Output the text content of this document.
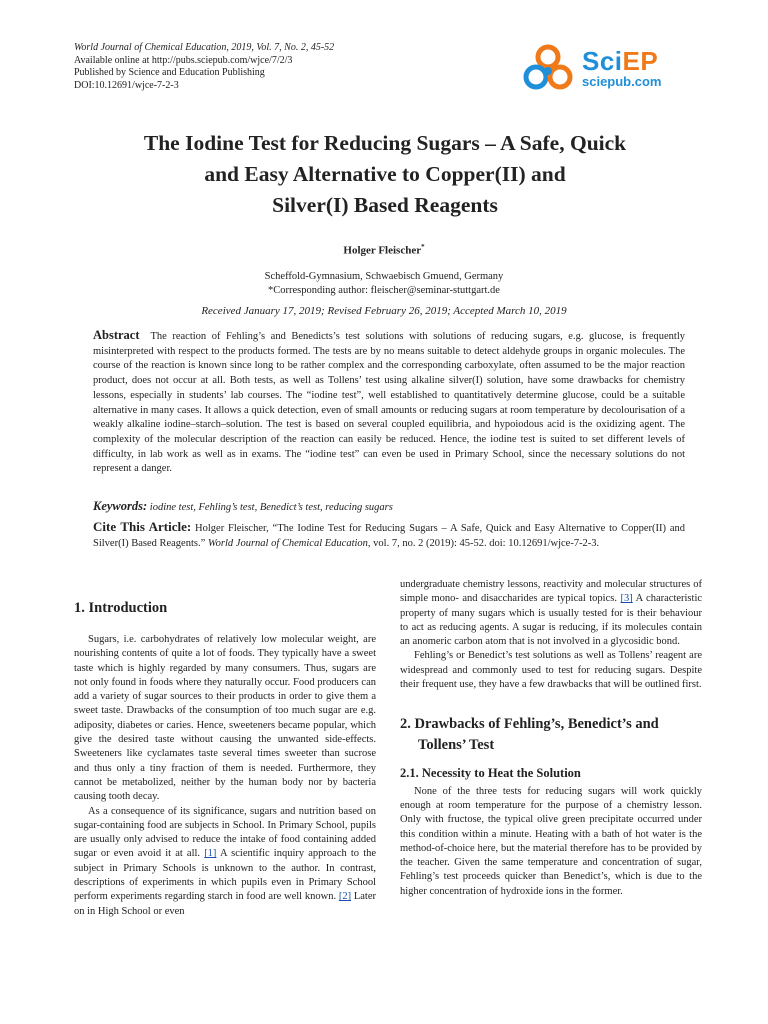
World Journal of Chemical Education, 2019, Vol. 7, No. 2, 45-52
Available online at http://pubs.sciepub.com/wjce/7/2/3
Published by Science and Education Publishing
DOI:10.12691/wjce-7-2-3
SciEP
sciepub.com
The Iodine Test for Reducing Sugars – A Safe, Quick
and Easy Alternative to Copper(II) and
Silver(I) Based Reagents
Holger Fleischer*
Scheffold-Gymnasium, Schwaebisch Gmuend, Germany
*Corresponding author: fleischer@seminar-stuttgart.de
Received January 17, 2019; Revised February 26, 2019; Accepted March 10, 2019
Abstract The reaction of Fehling’s and Benedicts’s test solutions with solutions of reducing sugars, e.g. glucose, is frequently misinterpreted with respect to the products formed. The tests are by no means suitable to detect aldehyde groups in organic molecules. The course of the reaction is known since long to be rather complex and the corresponding carboxylate, often assumed to be the major reaction product, does not occur at all. Both tests, as well as Tollens’ test using alkaline silver(I) solution, have some drawbacks for chemistry lessons, especially in students’ lab courses. The “iodine test”, well established to quantitatively determine glucose, could be a suitable alternative in many cases. It allows a quick detection, even of small amounts or reducing sugars at room temperature by decolourisation of a weakly alkaline iodine–starch–solution. The test is based on several coupled equilibria, and hypoiodous acid is the oxidizing agent. The complexity of the molecular description of the reaction can easily be reduced. Hence, the iodine test is suited to set different levels of difficulty, in lab work as well as in exams. The “iodine test” can even be used in Primary School, since the necessary solutions do not represent a danger.
Keywords: iodine test, Fehling’s test, Benedict’s test, reducing sugars
Cite This Article: Holger Fleischer, “The Iodine Test for Reducing Sugars – A Safe, Quick and Easy Alternative to Copper(II) and Silver(I) Based Reagents.” World Journal of Chemical Education, vol. 7, no. 2 (2019): 45-52. doi: 10.12691/wjce-7-2-3.
1. Introduction

Sugars, i.e. carbohydrates of relatively low molecular weight, are nourishing contents of quite a lot of foods. They typically have a sweet taste which is highly regarded by many consumers. Thus, sugars are not only found in foods where they naturally occur. Food producers can add a variety of sugar sources to their products in order to give them a sweet taste. Drawbacks of the consumption of too much sugar are e.g. adiposity, diabetes or caries. Hence, sweeteners became popular, which give the desired taste without causing the unwanted side-effects. Sweeteners like cyclamates taste several times sweeter than sucrose and thus only a tiny fraction of them is needed. Furthermore, they cannot be metabolized, neither by the human body nor by bacteria causing tooth decay.

As a consequence of its significance, sugars and nutrition based on sugar-containing food are subjects in School. In Primary School, pupils are usually only advised to reduce the intake of food containing added sugar or even avoid it at all. [1] A scientific inquiry approach to the subject in Primary Schools is unknown to the author. In contrast, descriptions of experiments in which pupils even in Primary School perform experiments regarding starch in food are well known. [2] Later on in High School or even

undergraduate chemistry lessons, reactivity and molecular structures of simple mono- and disaccharides are typical topics. [3] A characteristic property of many sugars which is usually tested for is their behaviour to act as reducing agents. A sugar is reducing, if its molecules contain an anomeric carbon atom that is not involved in a glycosidic bond.

Fehling’s or Benedict’s test solutions as well as Tollens’ reagent are widespread and commonly used to test for reducing sugars. Despite their frequent use, they have a few drawbacks that will be outlined first.

2. Drawbacks of Fehling’s, Benedict’s and Tollens’ Test
2.1. Necessity to Heat the Solution

None of the three tests for reducing sugars will work quickly enough at room temperature for the purpose of a chemistry lesson. Only with fructose, the typical olive green precipitate occurred under this condition within a minute. Heating with a bath of hot water is the method-of-choice here, but the material therefore has to be provided by the teacher. Given the same temperature and concentration of sugar, Fehling’s test proceeds quicker than Benedict’s, which is due to the higher concentration of hydroxide ions in the former.
